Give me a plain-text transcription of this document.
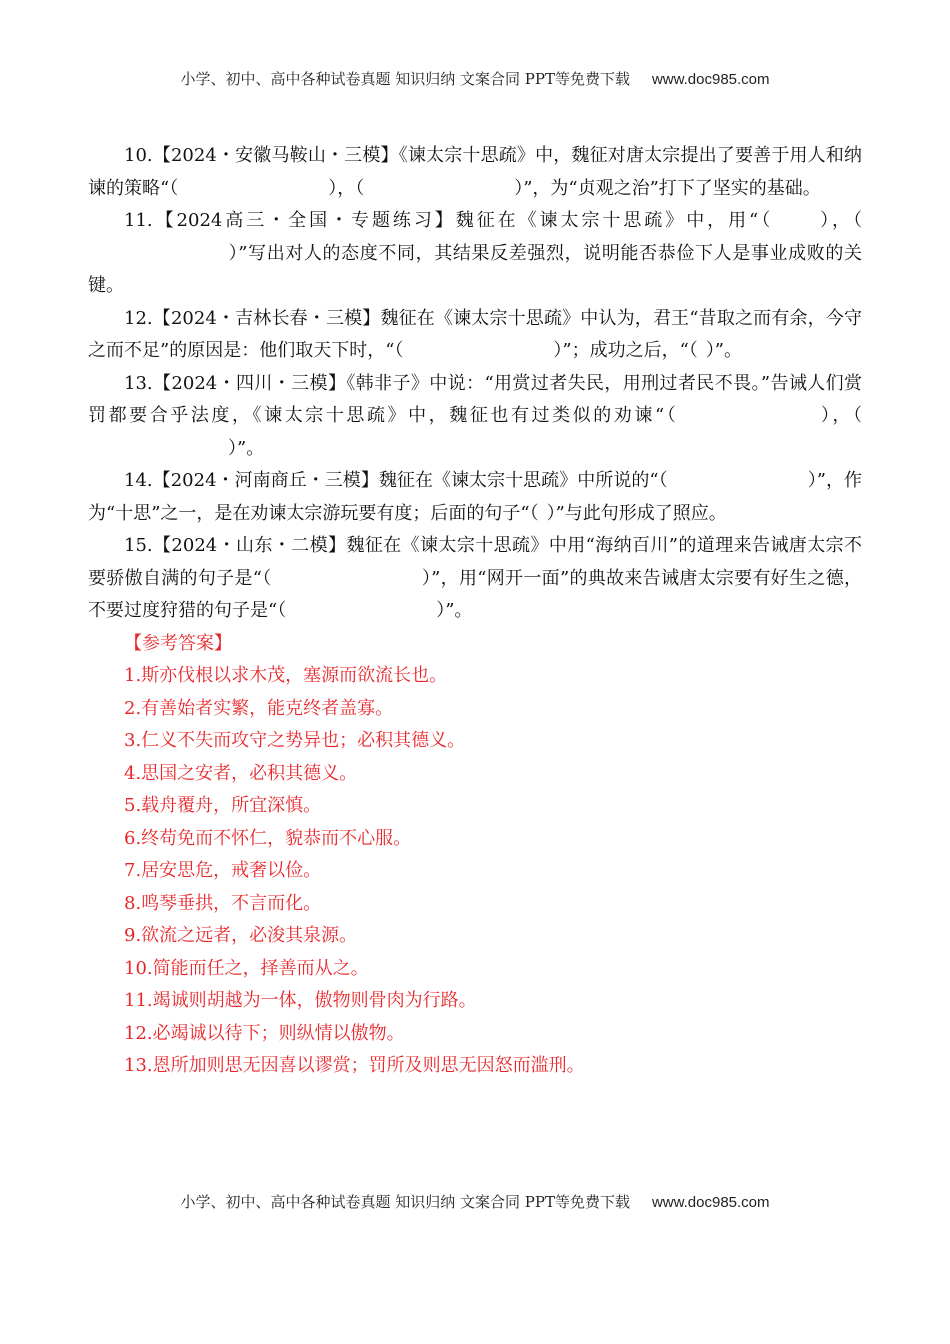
小学、初中、高中各种试卷真题 知识归纳 文案合同 PPT等免费下载 www.doc985.com

10.【2024・安徽马鞍山・三模】《谏太宗十思疏》中，魏征对唐太宗提出了要善于用人和纳谏的策略“（	），（	）”，为“贞观之治”打下了坚实的基础。

11.【2024高三・全国・专题练习】魏征在《谏太宗十思疏》中，用“（ ），（）”写出对人的态度不同，其结果反差强烈，说明能否恭俭下人是事业成败的关键。

12.【2024・吉林长春・三模】魏征在《谏太宗十思疏》中认为，君王“昔取之而有余，今守之而不足”的原因是：他们取天下时，“（	）”；成功之后，“（ ）”。

13.【2024・四川・三模】《韩非子》中说：“用赏过者失民，用刑过者民不畏。”告诫人们赏罚都要合乎法度，《谏太宗十思疏》中，魏征也有过类似的劝谏“（	），（）”。

14.【2024・河南商丘・三模】魏征在《谏太宗十思疏》中所说的“（	）”，作为“十思”之一，是在劝谏太宗游玩要有度；后面的句子“（ ）”与此句形成了照应。

15.【2024・山东・二模】魏征在《谏太宗十思疏》中用“海纳百川”的道理来告诫唐太宗不要骄傲自满的句子是“（	）”，用“网开一面”的典故来告诫唐太宗要有好生之德，不要过度狩猎的句子是“（	）”。

【参考答案】

1.斯亦伐根以求木茂，塞源而欲流长也。

2.有善始者实繁，能克终者盖寡。

3.仁义不失而攻守之势异也；必积其德义。

4.思国之安者，必积其德义。

5.载舟覆舟，所宜深慎。

6.终苟免而不怀仁，貌恭而不心服。

7.居安思危，戒奢以俭。

8.鸣琴垂拱，不言而化。

9.欲流之远者，必浚其泉源。

10.简能而任之，择善而从之。

11.竭诚则胡越为一体，傲物则骨肉为行路。

12.必竭诚以待下；则纵情以傲物。

13.恩所加则思无因喜以谬赏；罚所及则思无因怒而滥刑。

小学、初中、高中各种试卷真题 知识归纳 文案合同 PPT等免费下载 www.doc985.com
